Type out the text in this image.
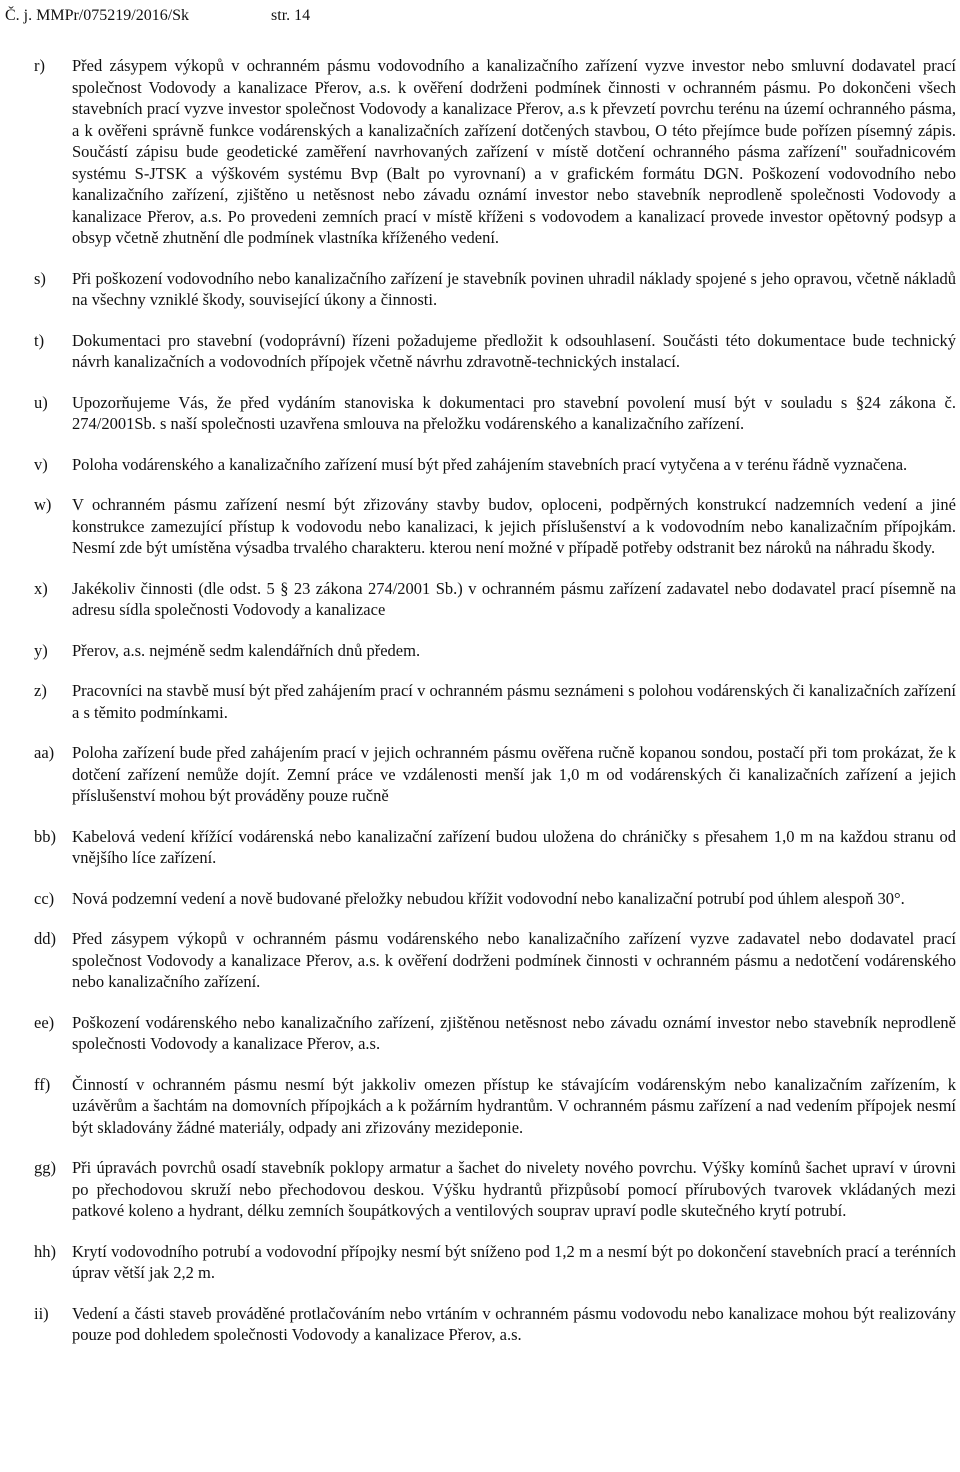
Č. j. MMPr/075219/2016/Sk	str. 14
r) Před zásypem výkopů v ochranném pásmu vodovodního a kanalizačního zařízení vyzve investor nebo smluvní dodavatel prací společnost Vodovody a kanalizace Přerov, a.s. k ověření dodrženi podmínek činnosti v ochranném pásmu. Po dokončeni všech stavebních prací vyzve investor společnost Vodovody a kanalizace Přerov, a.s k převzetí povrchu terénu na území ochranného pásma, a k ověřeni správně funkce vodárenských a kanalizačních zařízení dotčených stavbou, O této přejímce bude pořízen písemný zápis. Součástí zápisu bude geodetické zaměření navrhovaných zařízení v místě dotčení ochranného pásma zařízení" souřadnicovém systému S-JTSK a výškovém systému Bvp (Balt po vyrovnaní) a v grafickém formátu DGN. Poškození vodovodního nebo kanalizačního zařízení, zjištěno u netěsnost nebo závadu oznámí investor nebo stavebník neprodleně společnosti Vodovody a kanalizace Přerov, a.s. Po provedeni zemních prací v místě kříženi s vodovodem a kanalizací provede investor opětovný podsyp a obsyp včetně zhutnění dle podmínek vlastníka kříženého vedení.
s) Při poškození vodovodního nebo kanalizačního zařízení je stavebník povinen uhradil náklady spojené s jeho opravou, včetně nákladů na všechny vzniklé škody, související úkony a činnosti.
t) Dokumentaci pro stavební (vodoprávní) řízeni požadujeme předložit k odsouhlasení. Součásti této dokumentace bude technický návrh kanalizačních a vodovodních přípojek včetně návrhu zdravotně-technických instalací.
u) Upozorňujeme Vás, že před vydáním stanoviska k dokumentaci pro stavební povolení musí být v souladu s §24 zákona č. 274/2001Sb. s naší společnosti uzavřena smlouva na přeložku vodárenského a kanalizačního zařízení.
v) Poloha vodárenského a kanalizačního zařízení musí být před zahájením stavebních prací vytyčena a v terénu řádně vyznačena.
w) V ochranném pásmu zařízení nesmí být zřizovány stavby budov, oploceni, podpěrných konstrukcí nadzemních vedení a jiné konstrukce zamezující přístup k vodovodu nebo kanalizaci, k jejich příslušenství a k vodovodním nebo kanalizačním přípojkám. Nesmí zde být umístěna výsadba trvalého charakteru. kterou není možné v případě potřeby odstranit bez nároků na náhradu škody.
x) Jakékoliv činnosti (dle odst. 5 § 23 zákona 274/2001 Sb.) v ochranném pásmu zařízení zadavatel nebo dodavatel prací písemně na adresu sídla společnosti Vodovody a kanalizace
y) Přerov, a.s. nejméně sedm kalendářních dnů předem.
z) Pracovníci na stavbě musí být před zahájením prací v ochranném pásmu seznámeni s polohou vodárenských či kanalizačních zařízení a s těmito podmínkami.
aa) Poloha zařízení bude před zahájením prací v jejich ochranném pásmu ověřena ručně kopanou sondou, postačí při tom prokázat, že k dotčení zařízení nemůže dojít. Zemní práce ve vzdálenosti menší jak 1,0 m od vodárenských či kanalizačních zařízení a jejich příslušenství mohou být prováděny pouze ručně
bb) Kabelová vedení křížící vodárenská nebo kanalizační zařízení budou uložena do chráničky s přesahem 1,0 m na každou stranu od vnějšího líce zařízení.
cc) Nová podzemní vedení a nově budované přeložky nebudou křížit vodovodní nebo kanalizační potrubí pod úhlem alespoň 30°.
dd) Před zásypem výkopů v ochranném pásmu vodárenského nebo kanalizačního zařízení vyzve zadavatel nebo dodavatel prací společnost Vodovody a kanalizace Přerov, a.s. k ověření dodrženi podmínek činnosti v ochranném pásmu a nedotčení vodárenského nebo kanalizačního zařízení.
ee) Poškození vodárenského nebo kanalizačního zařízení, zjištěnou netěsnost nebo závadu oznámí investor nebo stavebník neprodleně společnosti Vodovody a kanalizace Přerov, a.s.
ff) Činností v ochranném pásmu nesmí být jakkoliv omezen přístup ke stávajícím vodárenským nebo kanalizačním zařízením, k uzávěrům a šachtám na domovních přípojkách a k požárním hydrantům. V ochranném pásmu zařízení a nad vedením přípojek nesmí být skladovány žádné materiály, odpady ani zřizovány mezideponie.
gg) Při úpravách povrchů osadí stavebník poklopy armatur a šachet do nivelety nového povrchu. Výšky komínů šachet upraví v úrovni po přechodovou skruží nebo přechodovou deskou. Výšku hydrantů přizpůsobí pomocí přírubových tvarovek vkládaných mezi patkové koleno a hydrant, délku zemních šoupátkových a ventilových souprav upraví podle skutečného krytí potrubí.
hh) Krytí vodovodního potrubí a vodovodní přípojky nesmí být sníženo pod 1,2 m a nesmí být po dokončení stavebních prací a terénních úprav větší jak 2,2 m.
ii) Vedení a části staveb prováděné protlačováním nebo vrtáním v ochranném pásmu vodovodu nebo kanalizace mohou být realizovány pouze pod dohledem společnosti Vodovody a kanalizace Přerov, a.s.
